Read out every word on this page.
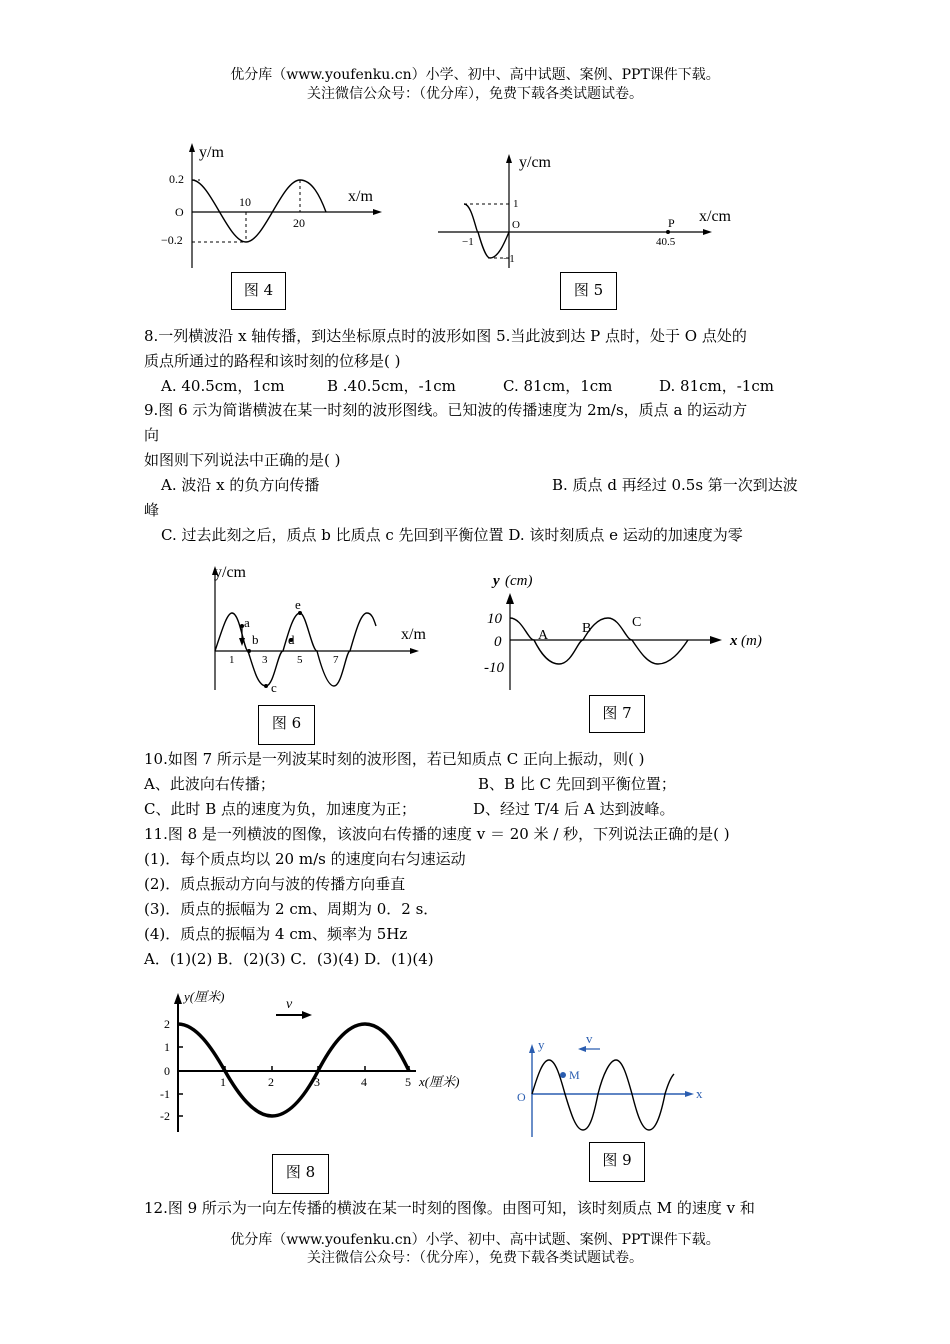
优分库（www.youfenku.cn）小学、初中、高中试题、案例、PPT课件下载。
关注微信公众号：（优分库），免费下载各类试题试卷。
y/m
x/m
0.2
O
−0.2
10
20
图 4
y/cm
x/cm
1
O
−1
−1
P
40.5
图 5
8.一列横波沿 x 轴传播，到达坐标原点时的波形如图 5.当此波到达 P 点时，处于 O 点处的
质点所通过的路程和该时刻的位移是( )
A. 40.5cm，1cm	B .40.5cm，-1cm	C. 81cm，1cm	D. 81cm，-1cm
9.图 6 示为简谐横波在某一时刻的波形图线。已知波的传播速度为 2m/s，质点 a 的运动方
向
如图则下列说法中正确的是( )
A. 波沿 x 的负方向传播	B. 质点 d 再经过 0.5s 第一次到达波
峰
C. 过去此刻之后，质点 b 比质点 c 先回到平衡位置 D. 该时刻质点 e 运动的加速度为零
y/cm
x/m
a
b
c
d
e
1	3	5	7
图 6
y (cm)
x (m)
10
0
-10
A B	C
图 7
10.如图 7 所示是一列波某时刻的波形图，若已知质点 C 正向上振动，则( )
A、此波向右传播；	B、B 比 C 先回到平衡位置；
C、此时 B 点的速度为负，加速度为正；	D、经过 T/4 后 A 达到波峰。
11.图 8 是一列横波的图像，该波向右传播的速度 v ＝ 20 米 / 秒，下列说法正确的是( )
(1)．每个质点均以 20 m/s 的速度向右匀速运动
(2)．质点振动方向与波的传播方向垂直
(3)．质点的振幅为 2 cm、周期为 0．2 s．
(4)．质点的振幅为 4 cm、频率为 5Hz
A．(1)(2) B．(2)(3) C．(3)(4) D．(1)(4)
v
y(厘米)
x(厘米)
2
1
0
-1
-2
1	2	3	4	5
图 8
v
M
y
x
O
图 9
12.图 9 所示为一向左传播的横波在某一时刻的图像。由图可知，该时刻质点 M 的速度 v 和
优分库（www.youfenku.cn）小学、初中、高中试题、案例、PPT课件下载。
关注微信公众号：（优分库），免费下载各类试题试卷。
